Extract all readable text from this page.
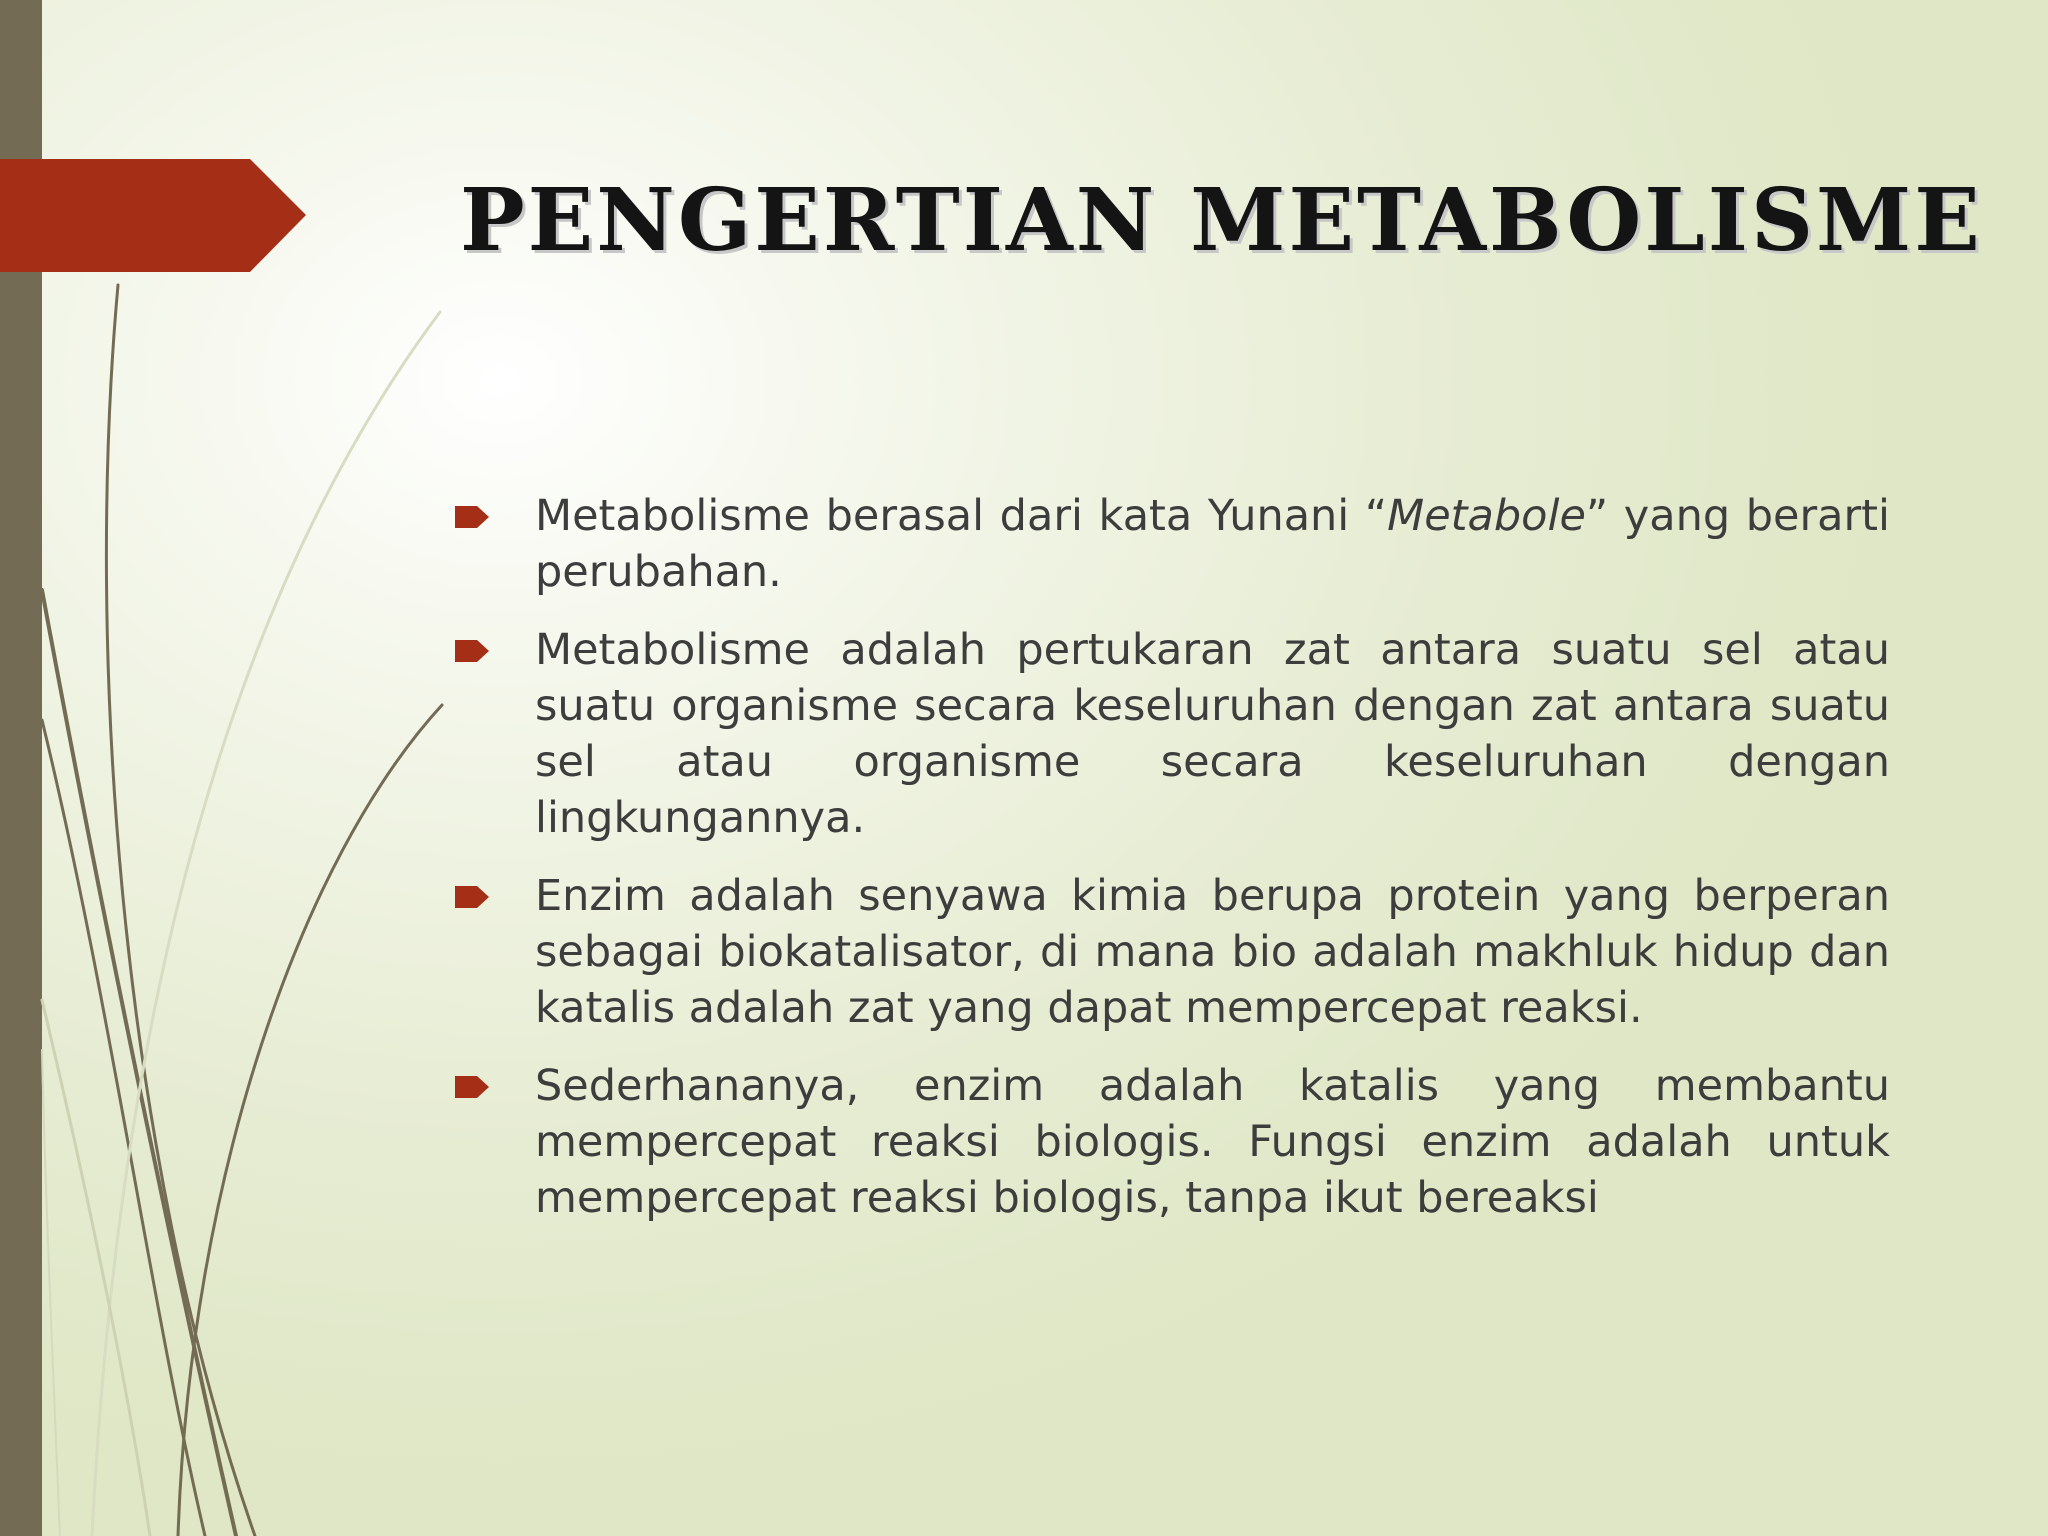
PENGERTIAN METABOLISME
Metabolisme berasal dari kata Yunani “Metabole” yang berarti perubahan.
Metabolisme adalah pertukaran zat antara suatu sel atau suatu organisme secara keseluruhan dengan zat antara suatu sel atau organisme secara keseluruhan dengan lingkungannya.
Enzim adalah senyawa kimia berupa protein yang berperan sebagai biokatalisator, di mana bio adalah makhluk hidup dan katalis adalah zat yang dapat mempercepat reaksi.
Sederhananya, enzim adalah katalis yang membantu mempercepat reaksi biologis. Fungsi enzim adalah untuk mempercepat reaksi biologis, tanpa ikut bereaksi
